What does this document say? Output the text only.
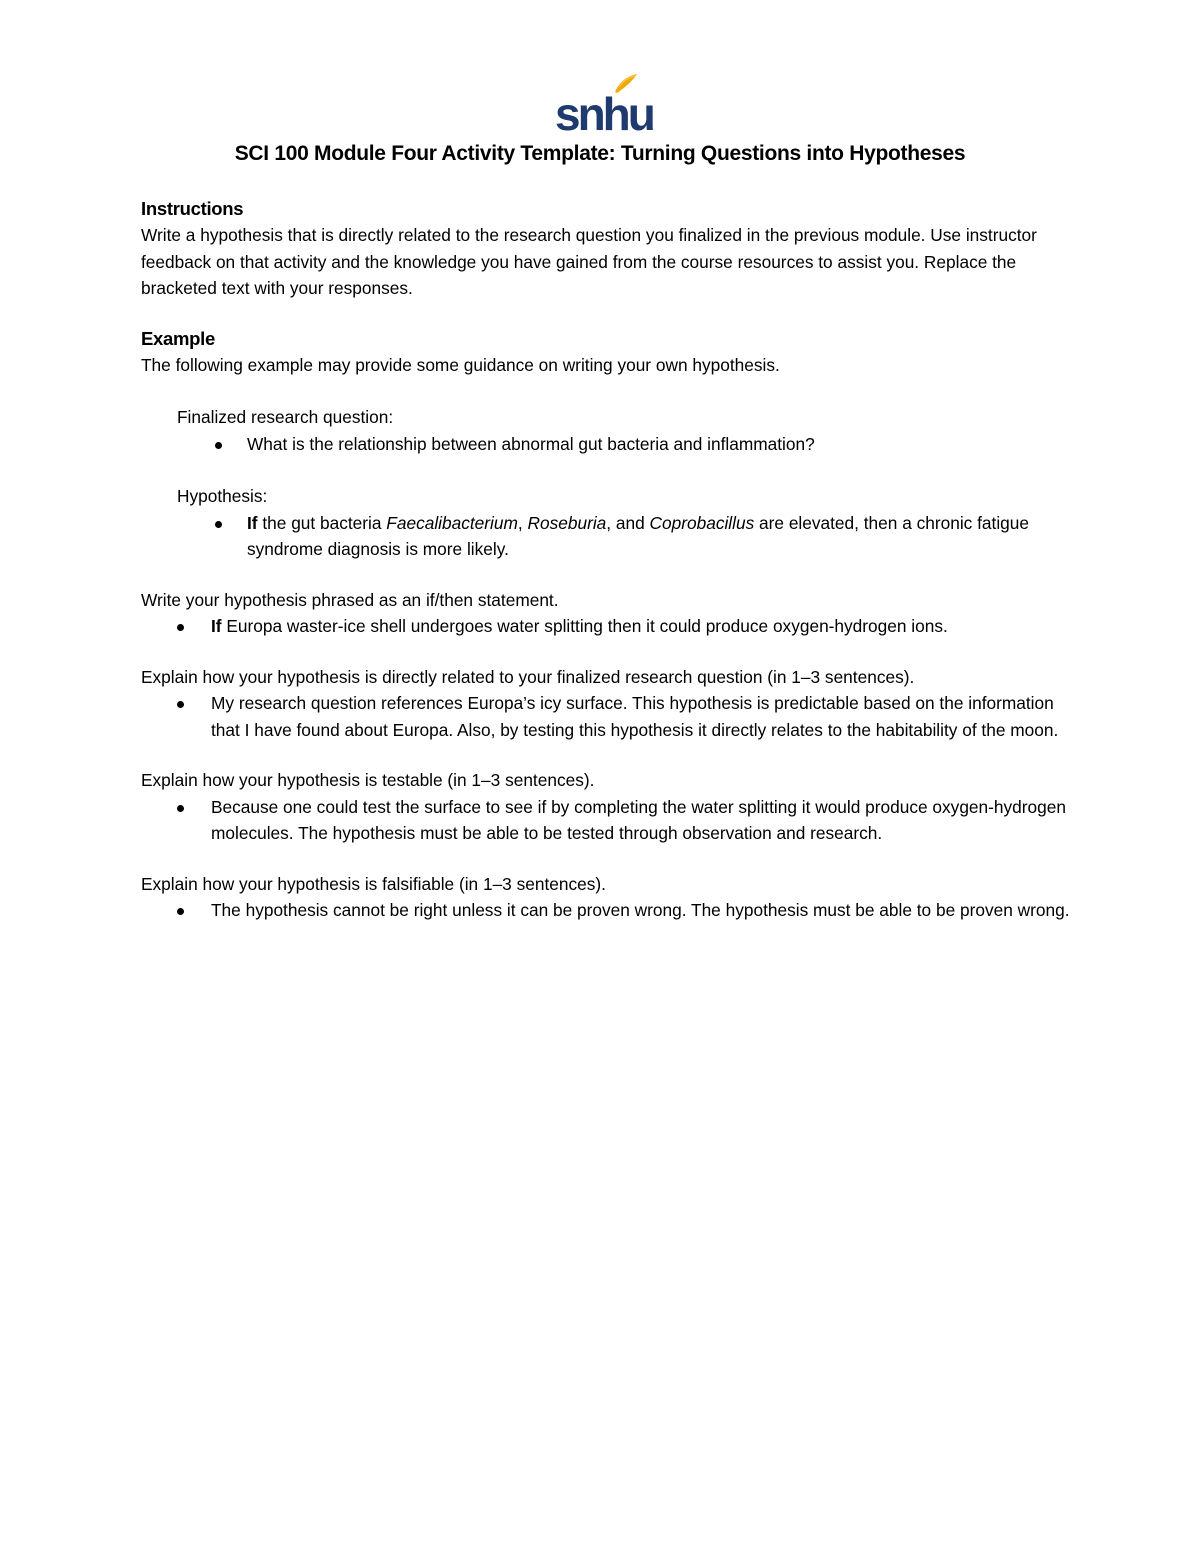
snhu
SCI 100 Module Four Activity Template: Turning Questions into Hypotheses
Instructions

Write a hypothesis that is directly related to the research question you finalized in the previous module. Use instructor feedback on that activity and the knowledge you have gained from the course resources to assist you. Replace the bracketed text with your responses.

Example

The following example may provide some guidance on writing your own hypothesis.

Finalized research question:

What is the relationship between abnormal gut bacteria and inflammation?

Hypothesis:

If the gut bacteria Faecalibacterium, Roseburia, and Coprobacillus are elevated, then a chronic fatigue syndrome diagnosis is more likely.

Write your hypothesis phrased as an if/then statement.

If Europa waster-ice shell undergoes water splitting then it could produce oxygen-hydrogen ions.

Explain how your hypothesis is directly related to your finalized research question (in 1–3 sentences).

My research question references Europa’s icy surface. This hypothesis is predictable based on the information that I have found about Europa. Also, by testing this hypothesis it directly relates to the habitability of the moon.

Explain how your hypothesis is testable (in 1–3 sentences).

Because one could test the surface to see if by completing the water splitting it would produce oxygen-hydrogen molecules. The hypothesis must be able to be tested through observation and research.

Explain how your hypothesis is falsifiable (in 1–3 sentences).

The hypothesis cannot be right unless it can be proven wrong. The hypothesis must be able to be proven wrong.
